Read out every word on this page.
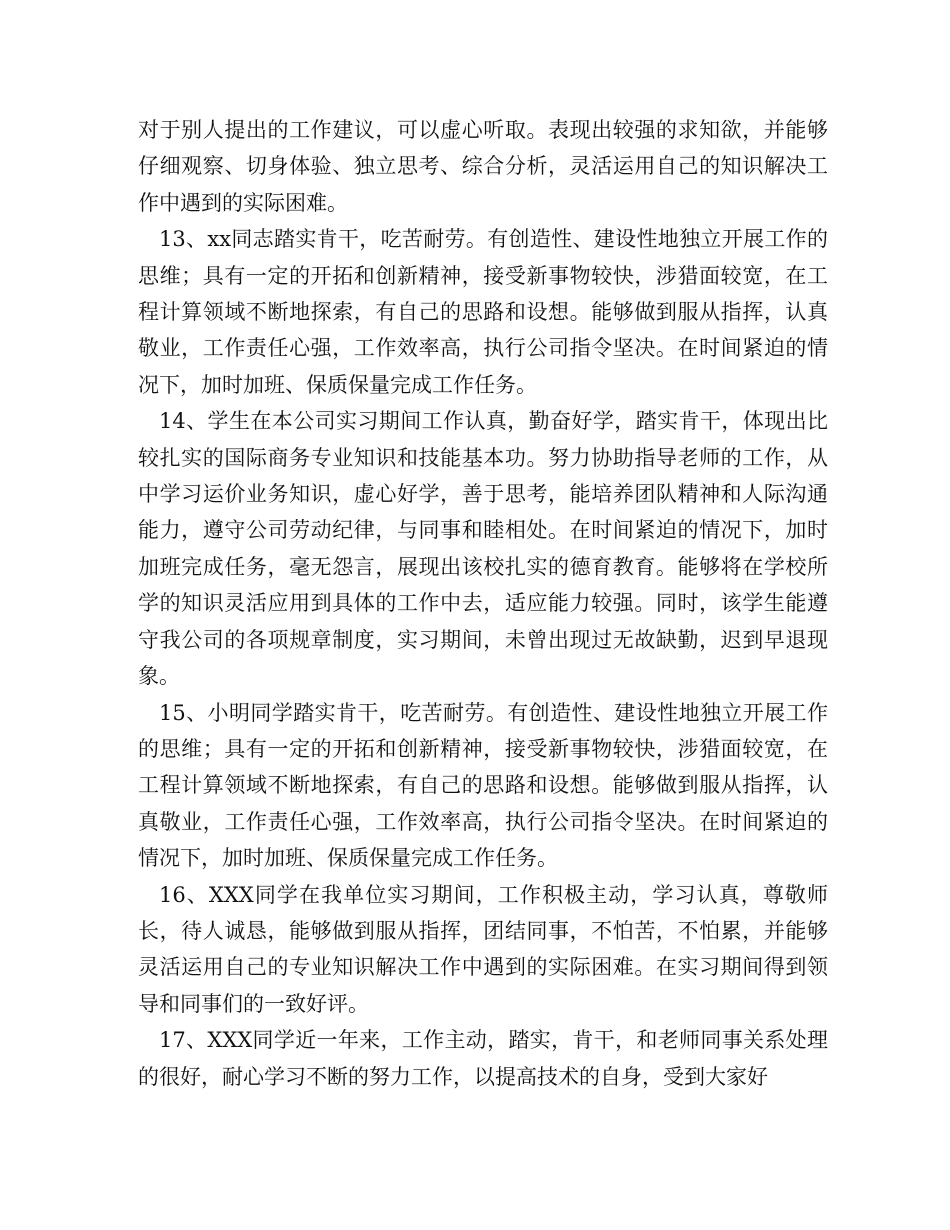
对于别人提出的工作建议，可以虚心听取。表现出较强的求知欲，并能够仔细观察、切身体验、独立思考、综合分析，灵活运用自己的知识解决工作中遇到的实际困难。

13、xx同志踏实肯干，吃苦耐劳。有创造性、建设性地独立开展工作的思维；具有一定的开拓和创新精神，接受新事物较快，涉猎面较宽，在工程计算领域不断地探索，有自己的思路和设想。能够做到服从指挥，认真敬业，工作责任心强，工作效率高，执行公司指令坚决。在时间紧迫的情况下，加时加班、保质保量完成工作任务。

14、学生在本公司实习期间工作认真，勤奋好学，踏实肯干，体现出比较扎实的国际商务专业知识和技能基本功。努力协助指导老师的工作，从中学习运价业务知识，虚心好学，善于思考，能培养团队精神和人际沟通能力，遵守公司劳动纪律，与同事和睦相处。在时间紧迫的情况下，加时加班完成任务，毫无怨言，展现出该校扎实的德育教育。能够将在学校所学的知识灵活应用到具体的工作中去，适应能力较强。同时，该学生能遵守我公司的各项规章制度，实习期间，未曾出现过无故缺勤，迟到早退现象。

15、小明同学踏实肯干，吃苦耐劳。有创造性、建设性地独立开展工作的思维；具有一定的开拓和创新精神，接受新事物较快，涉猎面较宽，在工程计算领域不断地探索，有自己的思路和设想。能够做到服从指挥，认真敬业，工作责任心强，工作效率高，执行公司指令坚决。在时间紧迫的情况下，加时加班、保质保量完成工作任务。

16、XXX同学在我单位实习期间，工作积极主动，学习认真，尊敬师长，待人诚恳，能够做到服从指挥，团结同事，不怕苦，不怕累，并能够灵活运用自己的专业知识解决工作中遇到的实际困难。在实习期间得到领导和同事们的一致好评。

17、XXX同学近一年来，工作主动，踏实，肯干，和老师同事关系处理的很好，耐心学习不断的努力工作，以提高技术的自身，受到大家好
